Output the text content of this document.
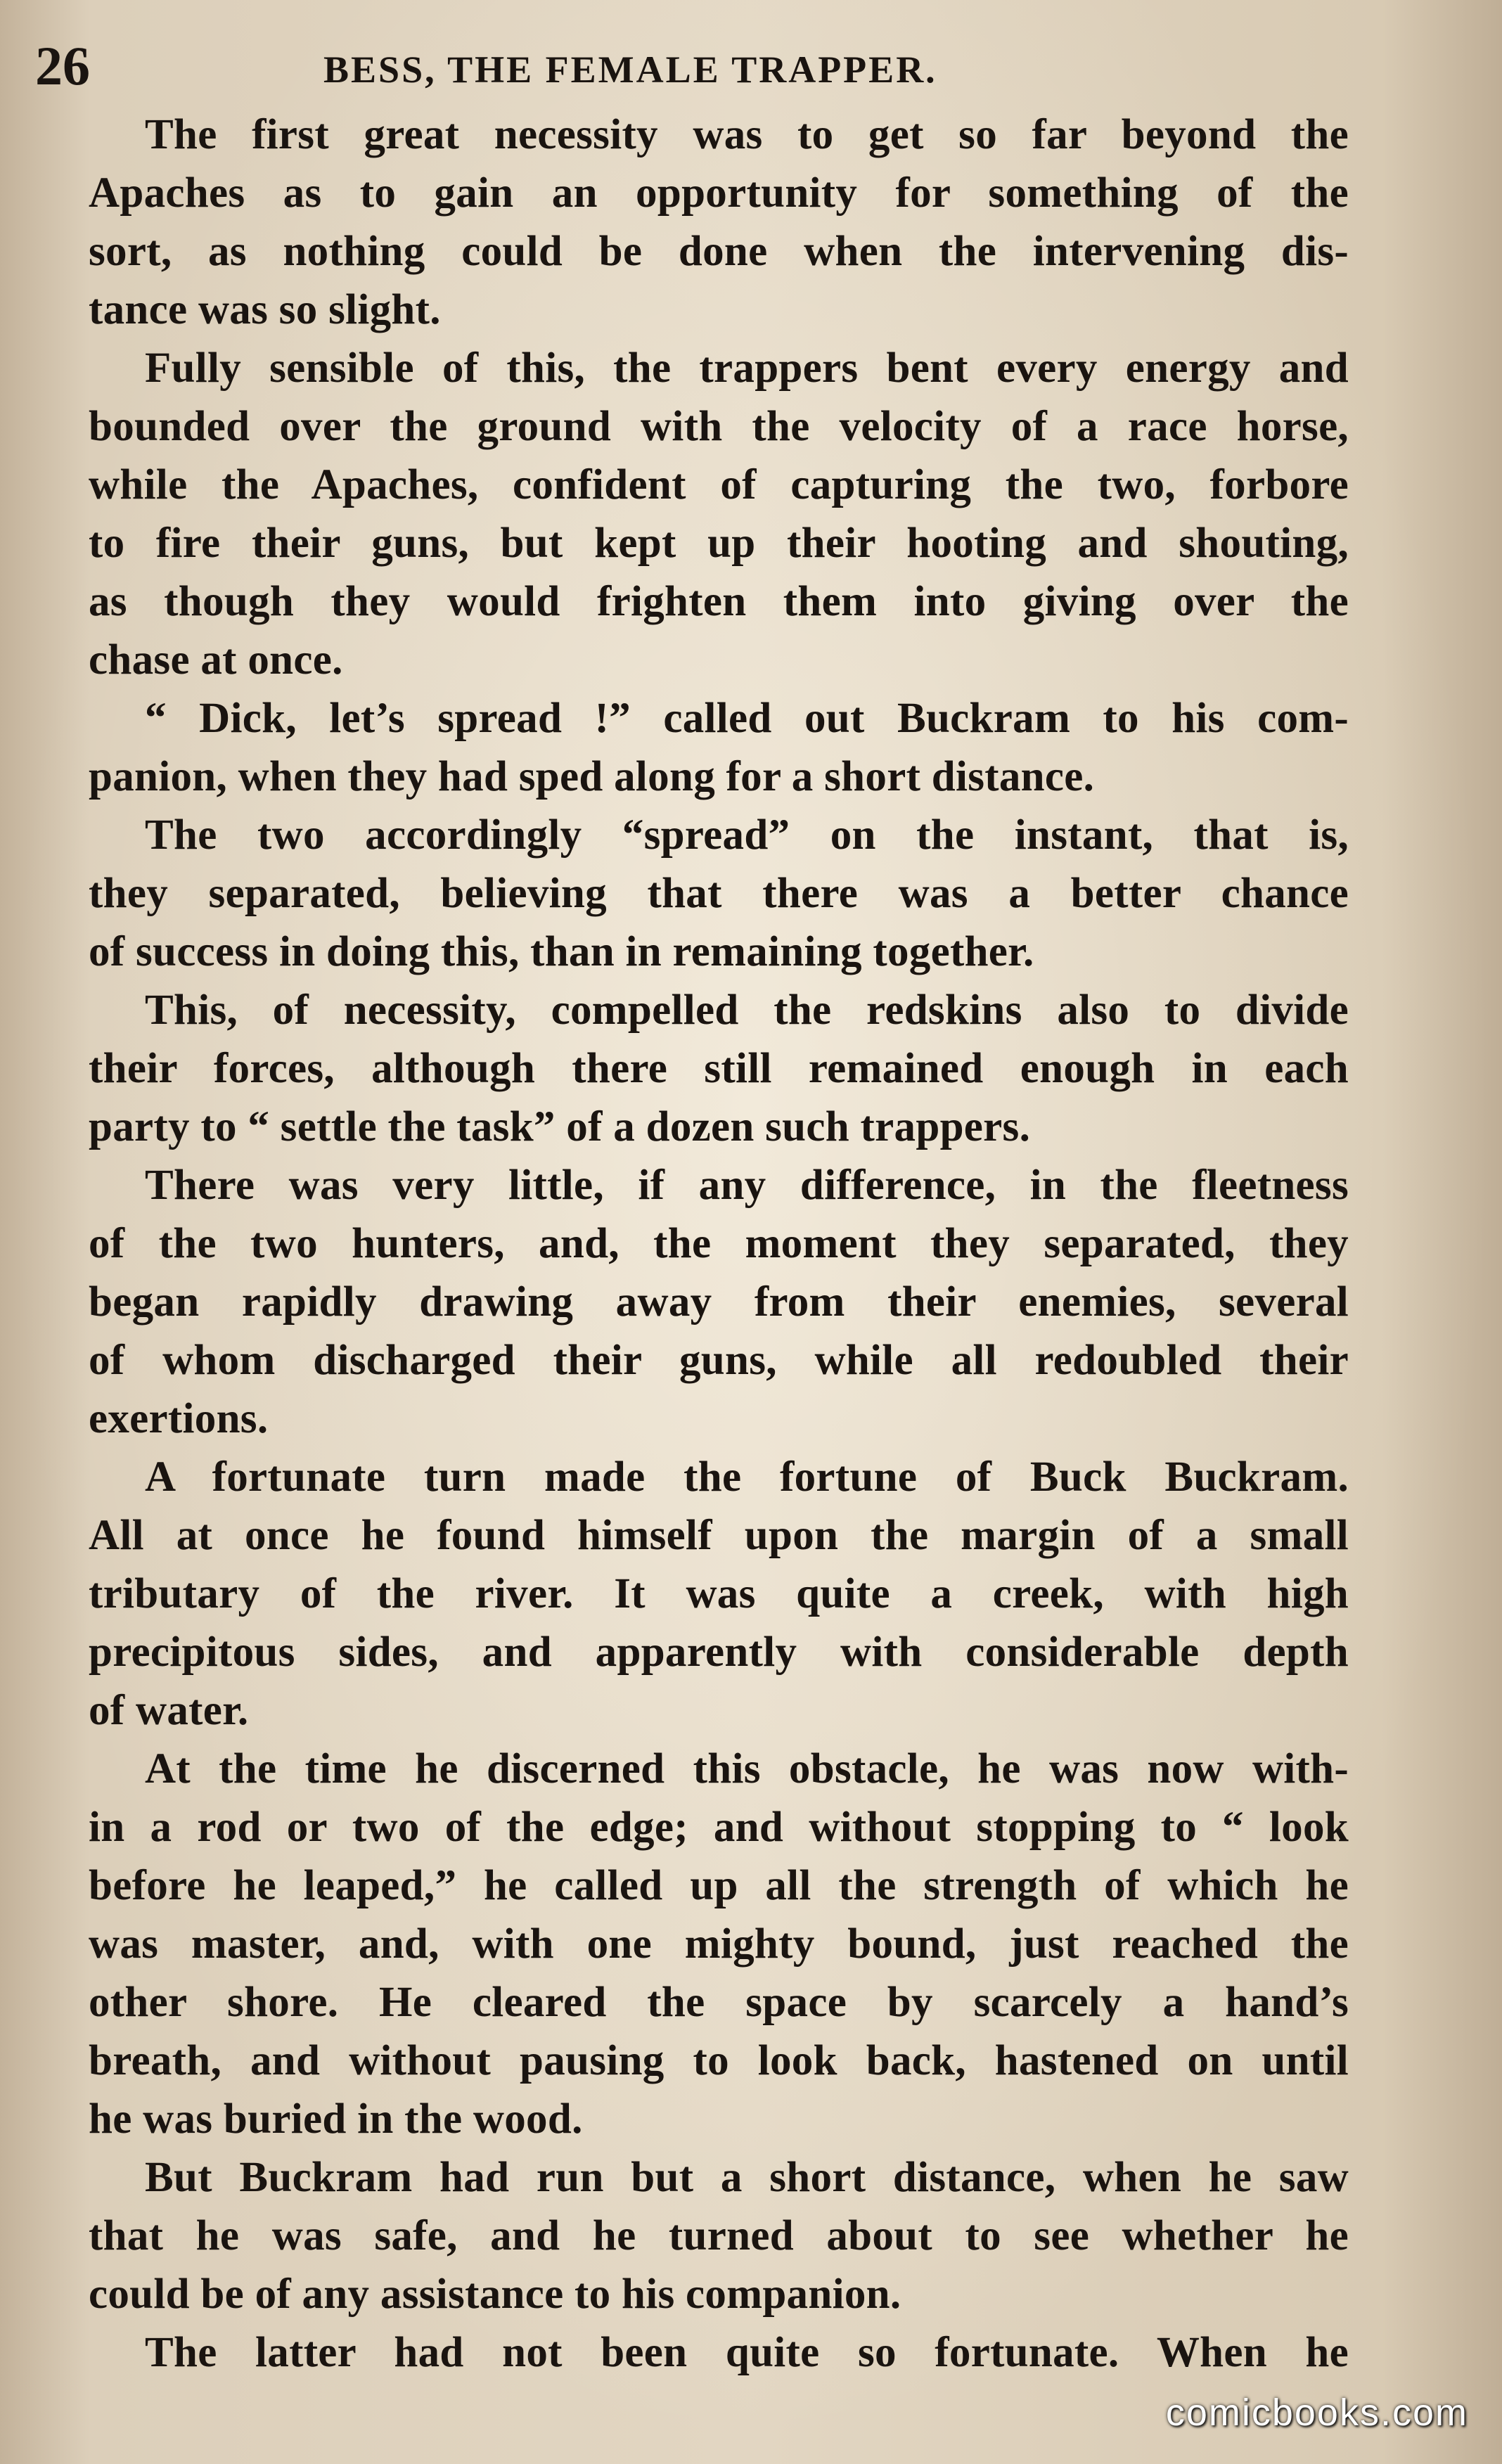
26	BESS, THE FEMALE TRAPPER.
The first great necessity was to get so far beyond the
Apaches as to gain an opportunity for something of the
sort, as nothing could be done when the intervening dis-
tance was so slight.
Fully sensible of this, the trappers bent every energy and
bounded over the ground with the velocity of a race horse,
while the Apaches, confident of capturing the two, forbore
to fire their guns, but kept up their hooting and shouting,
as though they would frighten them into giving over the
chase at once.
“ Dick, let’s spread !” called out Buckram to his com-
panion, when they had sped along for a short distance.
The two accordingly “spread” on the instant, that is,
they separated, believing that there was a better chance
of success in doing this, than in remaining together.
This, of necessity, compelled the redskins also to divide
their forces, although there still remained enough in each
party to “ settle the task” of a dozen such trappers.
There was very little, if any difference, in the fleetness
of the two hunters, and, the moment they separated, they
began rapidly drawing away from their enemies, several
of whom discharged their guns, while all redoubled their
exertions.
A fortunate turn made the fortune of Buck Buckram.
All at once he found himself upon the margin of a small
tributary of the river. It was quite a creek, with high
precipitous sides, and apparently with considerable depth
of water.
At the time he discerned this obstacle, he was now with-
in a rod or two of the edge; and without stopping to “ look
before he leaped,” he called up all the strength of which he
was master, and, with one mighty bound, just reached the
other shore. He cleared the space by scarcely a hand’s
breath, and without pausing to look back, hastened on until
he was buried in the wood.
But Buckram had run but a short distance, when he saw
that he was safe, and he turned about to see whether he
could be of any assistance to his companion.
The latter had not been quite so fortunate. When he
comicbooks.com
